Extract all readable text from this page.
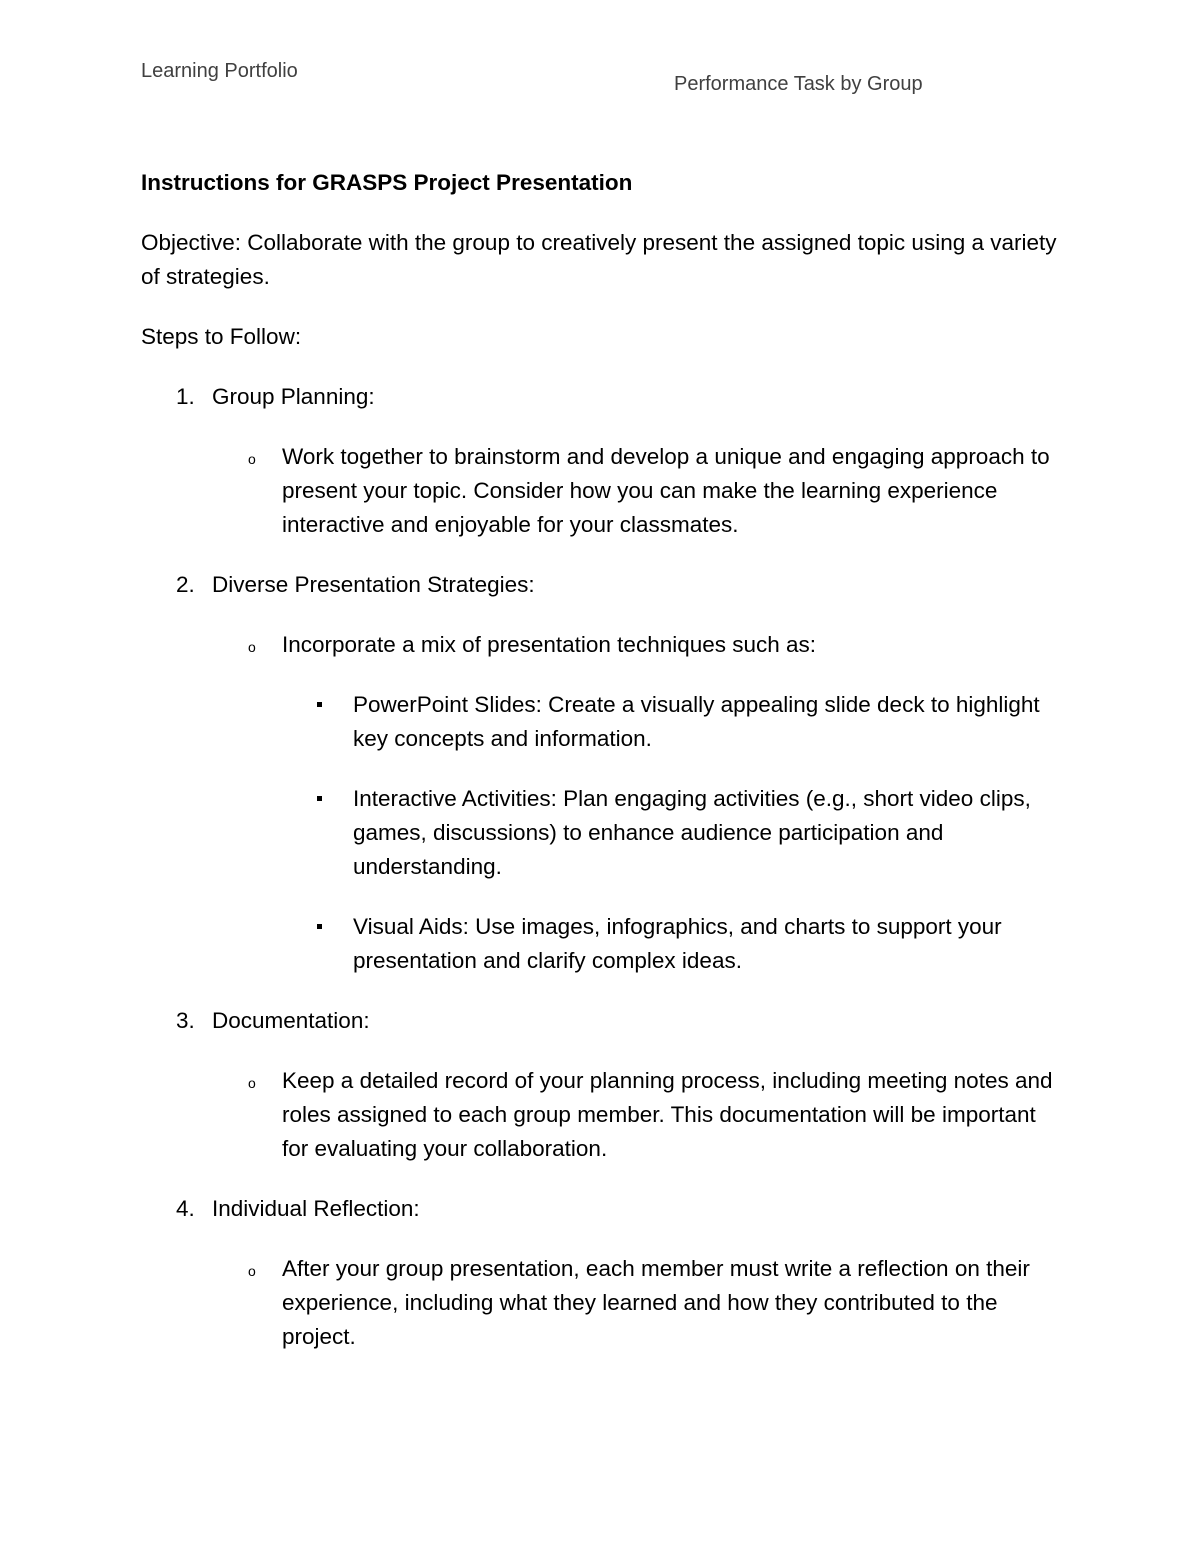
Learning Portfolio
Performance Task by Group
Instructions for GRASPS Project Presentation
Objective: Collaborate with the group to creatively present the assigned topic using a variety of strategies.
Steps to Follow:
1. Group Planning:
o Work together to brainstorm and develop a unique and engaging approach to present your topic. Consider how you can make the learning experience interactive and enjoyable for your classmates.
2. Diverse Presentation Strategies:
o Incorporate a mix of presentation techniques such as:
PowerPoint Slides: Create a visually appealing slide deck to highlight key concepts and information.
Interactive Activities: Plan engaging activities (e.g., short video clips, games, discussions) to enhance audience participation and understanding.
Visual Aids: Use images, infographics, and charts to support your presentation and clarify complex ideas.
3. Documentation:
o Keep a detailed record of your planning process, including meeting notes and roles assigned to each group member. This documentation will be important for evaluating your collaboration.
4. Individual Reflection:
o After your group presentation, each member must write a reflection on their experience, including what they learned and how they contributed to the project.
